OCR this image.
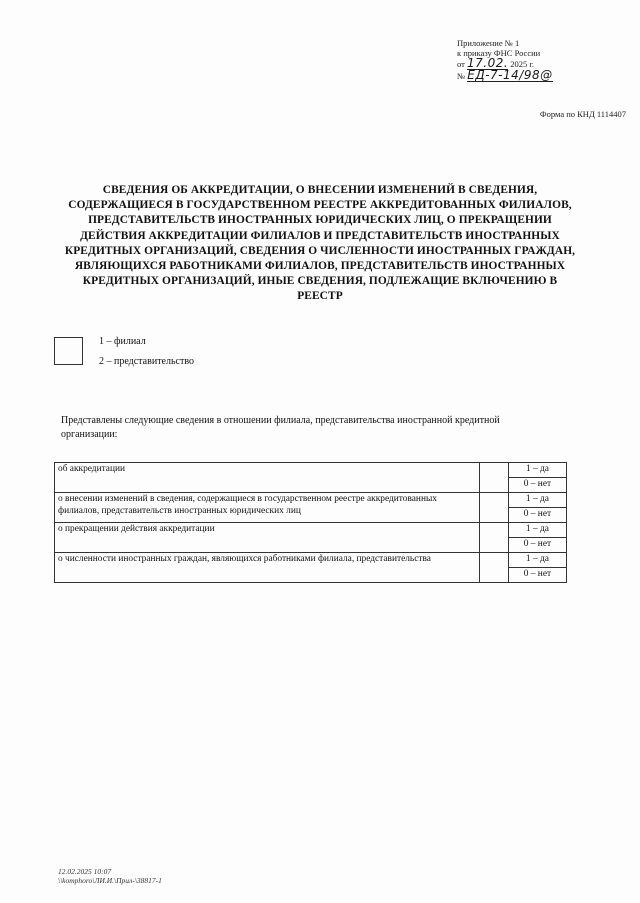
Приложение № 1
к приказу ФНС России
от 17.02. 2025 г.
№ ЕД-7-14/98@
Форма по КНД 1114407
СВЕДЕНИЯ ОБ АККРЕДИТАЦИИ, О ВНЕСЕНИИ ИЗМЕНЕНИЙ В СВЕДЕНИЯ, СОДЕРЖАЩИЕСЯ В ГОСУДАРСТВЕННОМ РЕЕСТРЕ АККРЕДИТОВАННЫХ ФИЛИАЛОВ, ПРЕДСТАВИТЕЛЬСТВ ИНОСТРАННЫХ ЮРИДИЧЕСКИХ ЛИЦ, О ПРЕКРАЩЕНИИ ДЕЙСТВИЯ АККРЕДИТАЦИИ ФИЛИАЛОВ И ПРЕДСТАВИТЕЛЬСТВ ИНОСТРАННЫХ КРЕДИТНЫХ ОРГАНИЗАЦИЙ, СВЕДЕНИЯ О ЧИСЛЕННОСТИ ИНОСТРАННЫХ ГРАЖДАН, ЯВЛЯЮЩИХСЯ РАБОТНИКАМИ ФИЛИАЛОВ, ПРЕДСТАВИТЕЛЬСТВ ИНОСТРАННЫХ КРЕДИТНЫХ ОРГАНИЗАЦИЙ, ИНЫЕ СВЕДЕНИЯ, ПОДЛЕЖАЩИЕ ВКЛЮЧЕНИЮ В РЕЕСТР
1 – филиал
2 – представительство
Представлены следующие сведения в отношении филиала, представительства иностранной кредитной организации:
об аккредитации		1 – да
		0 – нет
о внесении изменений в сведения, содержащиеся в государственном реестре аккредитованных филиалов, представительств иностранных юридических лиц		1 – да
		0 – нет
о прекращении действия аккредитации		1 – да
		0 – нет
о численности иностранных граждан, являющихся работниками филиала, представительства		1 – да
		0 – нет
12.02.2025 10:07
\\komphoro\ЛИ.И.\Прил-\38817-1
